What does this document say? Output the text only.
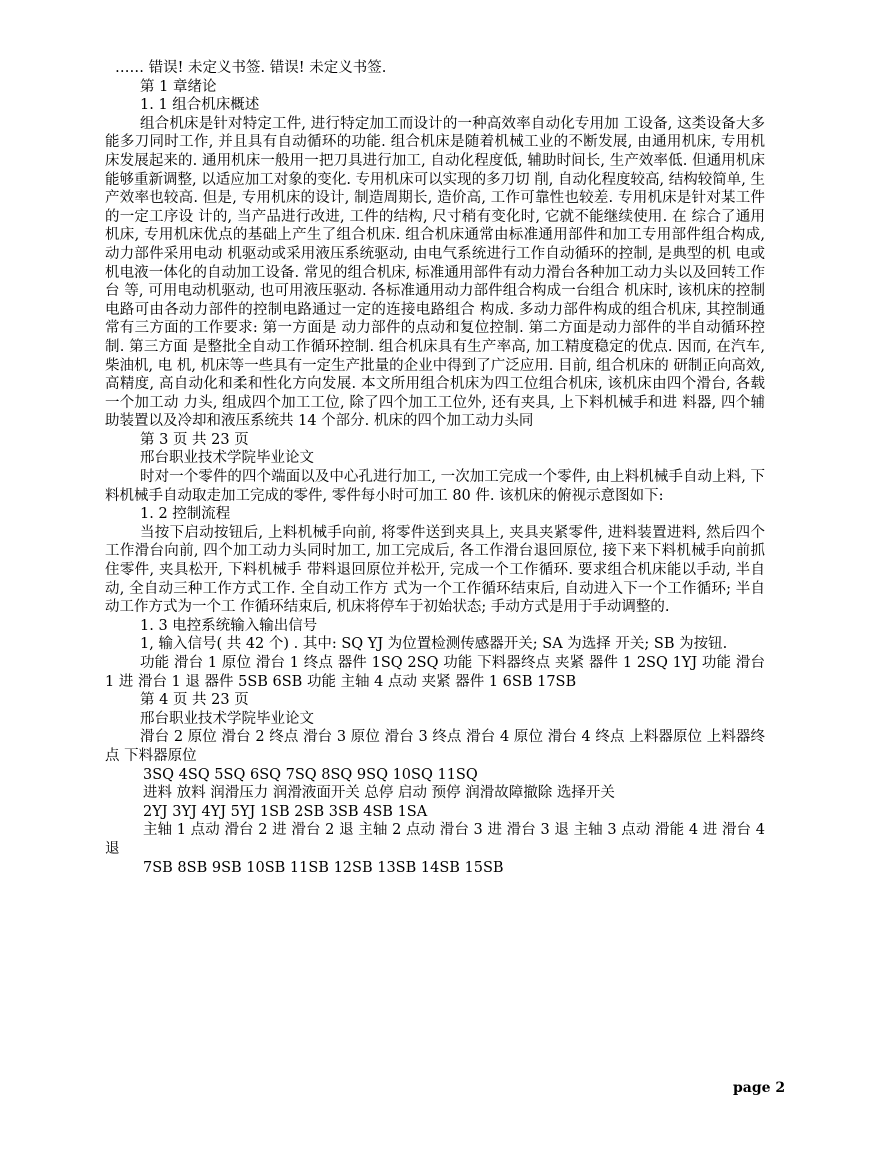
…… 错误! 未定义书签. 错误! 未定义书签.

第 1 章绪论

1. 1 组合机床概述

组合机床是针对特定工件, 进行特定加工而设计的一种高效率自动化专用加 工设备, 这类设备大多能多刀同时工作, 并且具有自动循环的功能. 组合机床是随着机械工业的不断发展, 由通用机床, 专用机床发展起来的. 通用机床一般用一把刀具进行加工, 自动化程度低, 辅助时间长, 生产效率低. 但通用机床能够重新调整, 以适应加工对象的变化. 专用机床可以实现的多刀切 削, 自动化程度较高, 结构较简单, 生产效率也较高. 但是, 专用机床的设计, 制造周期长, 造价高, 工作可靠性也较差. 专用机床是针对某工件的一定工序设 计的, 当产品进行改进, 工件的结构, 尺寸稍有变化时, 它就不能继续使用. 在 综合了通用机床, 专用机床优点的基础上产生了组合机床. 组合机床通常由标准通用部件和加工专用部件组合构成, 动力部件采用电动 机驱动或采用液压系统驱动, 由电气系统进行工作自动循环的控制, 是典型的机 电或机电液一体化的自动加工设备. 常见的组合机床, 标准通用部件有动力滑台各种加工动力头以及回转工作台 等, 可用电动机驱动, 也可用液压驱动. 各标准通用动力部件组合构成一台组合 机床时, 该机床的控制电路可由各动力部件的控制电路通过一定的连接电路组合 构成. 多动力部件构成的组合机床, 其控制通常有三方面的工作要求: 第一方面是 动力部件的点动和复位控制. 第二方面是动力部件的半自动循环控制. 第三方面 是整批全自动工作循环控制. 组合机床具有生产率高, 加工精度稳定的优点. 因而, 在汽车, 柴油机, 电 机, 机床等一些具有一定生产批量的企业中得到了广泛应用. 目前, 组合机床的 研制正向高效, 高精度, 高自动化和柔和性化方向发展. 本文所用组合机床为四工位组合机床, 该机床由四个滑台, 各载一个加工动 力头, 组成四个加工工位, 除了四个加工工位外, 还有夹具, 上下料机械手和进 料器, 四个辅助装置以及冷却和液压系统共 14 个部分. 机床的四个加工动力头同

第 3 页 共 23 页

邢台职业技术学院毕业论文

时对一个零件的四个端面以及中心孔进行加工, 一次加工完成一个零件, 由上料机械手自动上料, 下料机械手自动取走加工完成的零件, 零件每小时可加工 80 件. 该机床的俯视示意图如下:

1. 2 控制流程

当按下启动按钮后, 上料机械手向前, 将零件送到夹具上, 夹具夹紧零件, 进料装置进料, 然后四个工作滑台向前, 四个加工动力头同时加工, 加工完成后, 各工作滑台退回原位, 接下来下料机械手向前抓住零件, 夹具松开, 下料机械手 带料退回原位并松开, 完成一个工作循环. 要求组合机床能以手动, 半自动, 全自动三种工作方式工作. 全自动工作方 式为一个工作循环结束后, 自动进入下一个工作循环; 半自动工作方式为一个工 作循环结束后, 机床将停车于初始状态; 手动方式是用于手动调整的.

1. 3 电控系统输入输出信号

1, 输入信号( 共 42 个) . 其中: SQ YJ 为位置检测传感器开关; SA 为选择 开关; SB 为按钮.

功能 滑台 1 原位 滑台 1 终点 器件 1SQ 2SQ 功能 下料器终点 夹紧 器件 1 2SQ 1YJ 功能 滑台 1 进 滑台 1 退 器件 5SB 6SB 功能 主轴 4 点动 夹紧 器件 1 6SB 17SB

第 4 页 共 23 页

邢台职业技术学院毕业论文

滑台 2 原位 滑台 2 终点 滑台 3 原位 滑台 3 终点 滑台 4 原位 滑台 4 终点 上料器原位 上料器终点 下料器原位

3SQ 4SQ 5SQ 6SQ 7SQ 8SQ 9SQ 10SQ 11SQ

进料 放料 润滑压力 润滑液面开关 总停 启动 预停 润滑故障撤除 选择开关

2YJ 3YJ 4YJ 5YJ 1SB 2SB 3SB 4SB 1SA

主轴 1 点动 滑台 2 进 滑台 2 退 主轴 2 点动 滑台 3 进 滑台 3 退 主轴 3 点动 滑能 4 进 滑台 4 退

7SB 8SB 9SB 10SB 11SB 12SB 13SB 14SB 15SB

page 2
